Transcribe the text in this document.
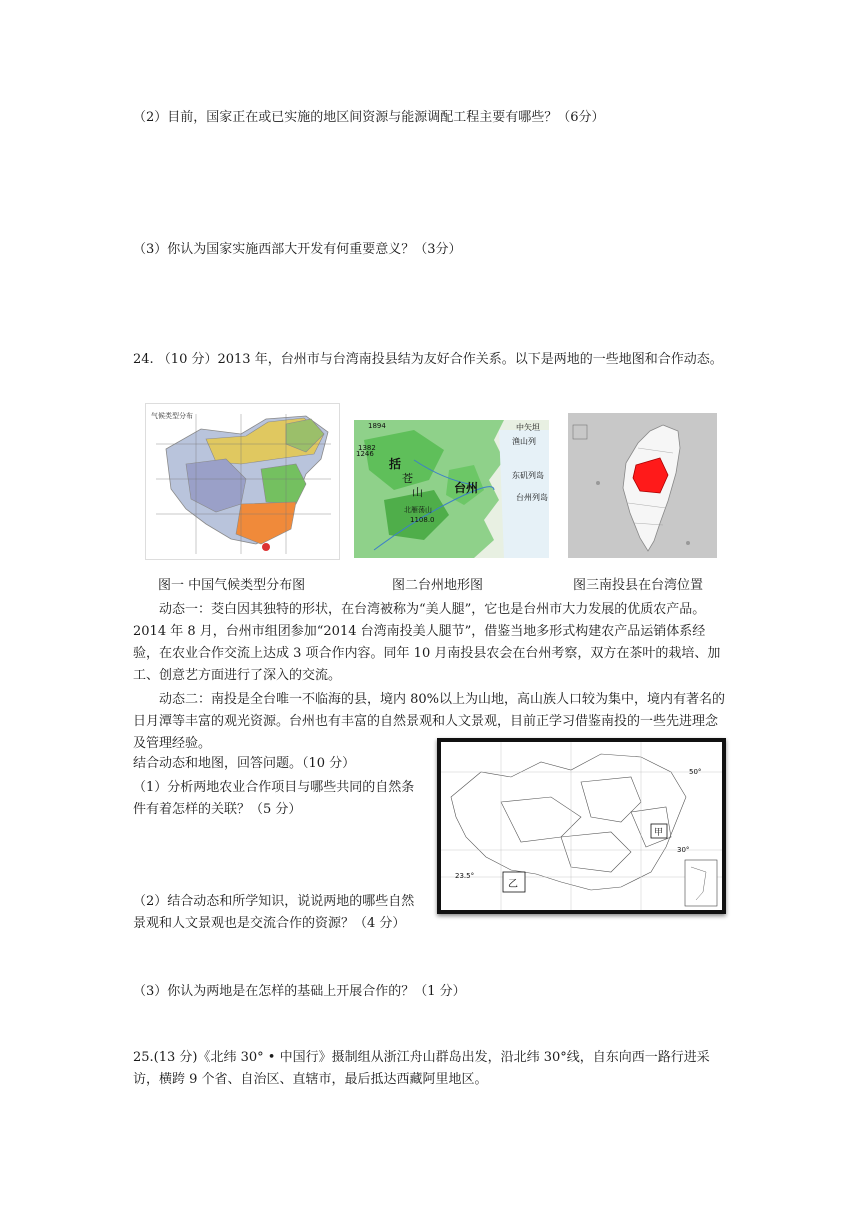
（2）目前，国家正在或已实施的地区间资源与能源调配工程主要有哪些？（6分）

（3）你认为国家实施西部大开发有何重要意义？（3分）

24. （10 分）2013 年，台州市与台湾南投县结为友好合作关系。以下是两地的一些地图和合作动态。

气候类型分布
括
苍
山	台州
东矶列岛
台州列岛
渔山列
中矢坦
1894
1382
1246
北雁荡山
1108.0
图一 中国气候类型分布图	图二台州地形图	图三南投县在台湾位置

动态一：茭白因其独特的形状，在台湾被称为“美人腿”，它也是台州市大力发展的优质农产品。2014 年 8 月，台州市组团参加“2014 台湾南投美人腿节”，借鉴当地多形式构建农产品运销体系经验，在农业合作交流上达成 3 项合作内容。同年 10 月南投县农会在台州考察，双方在茶叶的栽培、加工、创意艺方面进行了深入的交流。

动态二：南投是全台唯一不临海的县，境内 80%以上为山地，高山族人口较为集中，境内有著名的日月潭等丰富的观光资源。台州也有丰富的自然景观和人文景观，目前正学习借鉴南投的一些先进理念及管理经验。

50°
30°
23.5°
甲
乙

结合动态和地图，回答问题。（10 分）

（1）分析两地农业合作项目与哪些共同的自然条件有着怎样的关联？（5 分）

（2）结合动态和所学知识，说说两地的哪些自然景观和人文景观也是交流合作的资源？（4 分）

（3）你认为两地是在怎样的基础上开展合作的？（1 分）

25.(13 分)《北纬 30° • 中国行》摄制组从浙江舟山群岛出发，沿北纬 30°线，自东向西一路行进采访，横跨 9 个省、自治区、直辖市，最后抵达西藏阿里地区。
